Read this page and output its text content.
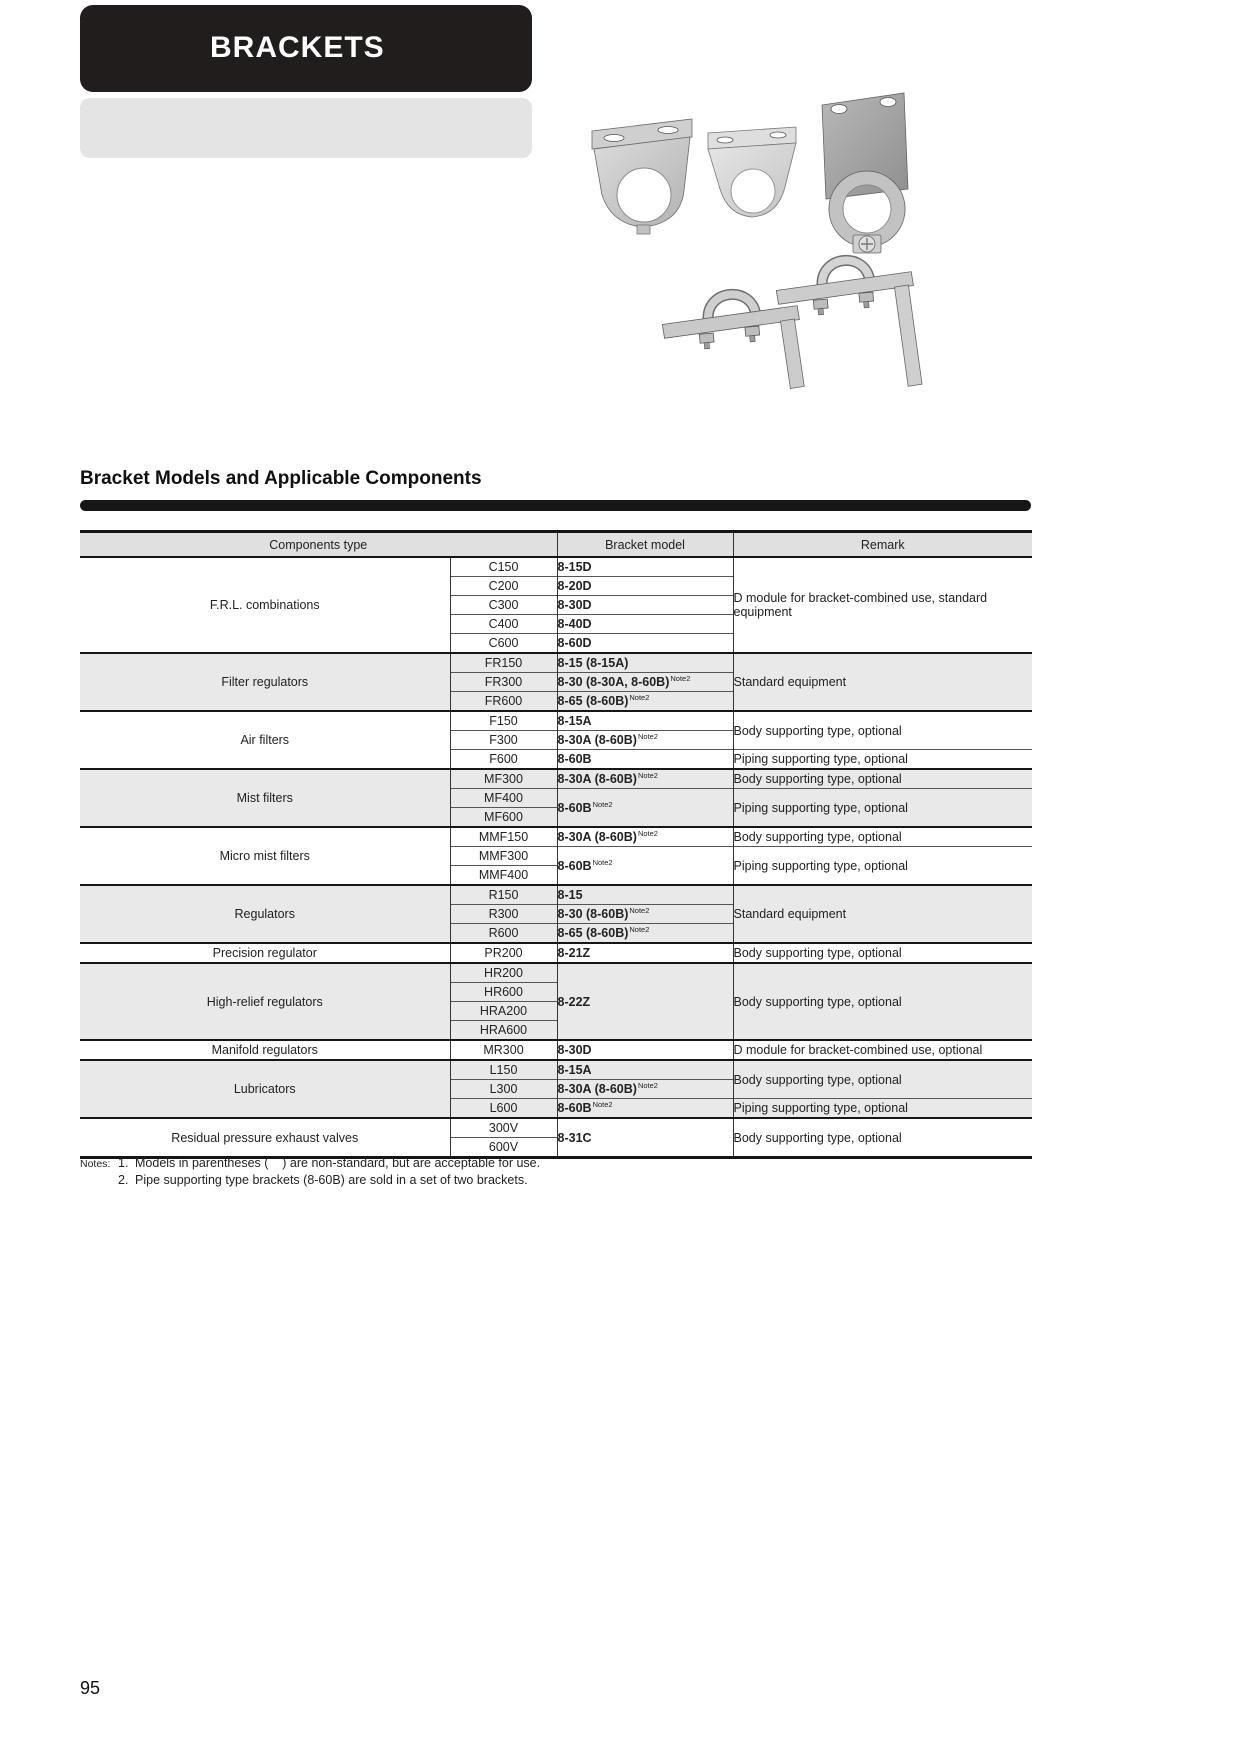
BRACKETS
Bracket Models and Applicable Components
Components type		Bracket model	Remark
F.R.L. combinations	C150	8-15D	D module for bracket-combined use, standard equipment
	C200	8-20D	
	C300	8-30D	
	C400	8-40D	
	C600	8-60D	
Filter regulators	FR150	8-15 (8-15A)	Standard equipment
	FR300	8-30 (8-30A, 8-60B)$^{Note2}$
	FR600	8-65 (8-60B)$^{Note2}$
Air filters	F150	8-15A	Body supporting type, optional
	F300	8-30A (8-60B)$^{Note2}$
	F600	8-60B	Piping supporting type, optional
Mist filters	MF300	8-30A (8-60B)$^{Note2}$	Body supporting type, optional
	MF400	8-60B$^{Note2}$	Piping supporting type, optional
	MF600		
Micro mist filters	MMF150	8-30A (8-60B)$^{Note2}$	Body supporting type, optional
	MMF300	8-60B$^{Note2}$	Piping supporting type, optional
	MMF400		
Regulators	R150	8-15	Standard equipment
	R300	8-30 (8-60B)$^{Note2}$
	R600	8-65 (8-60B)$^{Note2}$
Precision regulator	PR200	8-21Z	Body supporting type, optional
High-relief regulators	HR200	8-22Z	Body supporting type, optional
	HR600		
	HRA200		
	HRA600		
Manifold regulators	MR300	8-30D	D module for bracket-combined use, optional
Lubricators	L150	8-15A	Body supporting type, optional
	L300	8-30A (8-60B)$^{Note2}$
	L600	8-60B$^{Note2}$	Piping supporting type, optional
Residual pressure exhaust valves	300V	8-31C	Body supporting type, optional
	600V		
Notes: 1. Models in parentheses (    ) are non-standard, but are acceptable for use.
2. Pipe supporting type brackets (8-60B) are sold in a set of two brackets.
95
